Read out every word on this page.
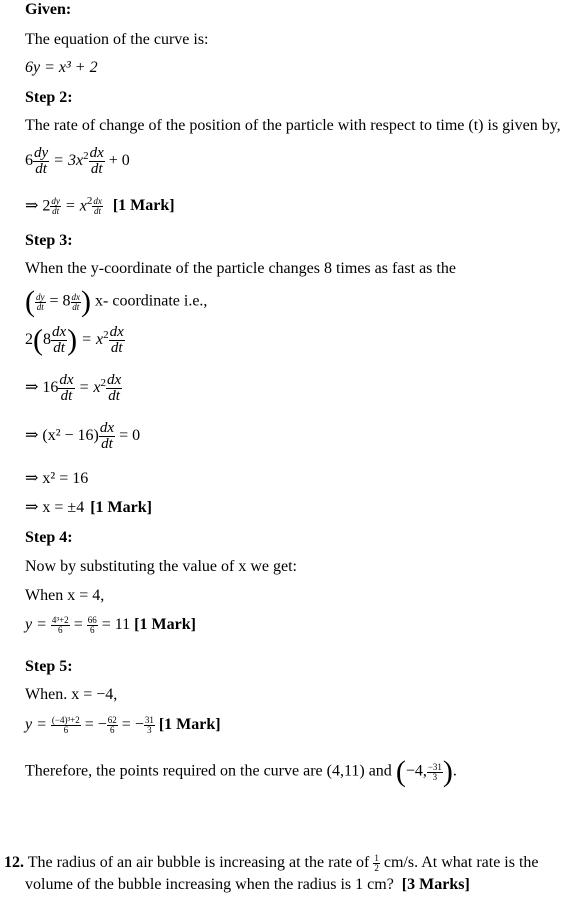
Given:
The equation of the curve is:
6y = x³ + 2
Step 2:
The rate of change of the position of the particle with respect to time (t) is given by,
$6 \frac{dy}{dt} = 3x^2 \frac{dx}{dt} + 0$
⇒ $2 \frac{dy}{dt} = x^2 \frac{dx}{dt} [1$ Mark]
Step 3:
When the y-coordinate of the particle changes 8 times as fast as the
( $\frac{dy}{dt} = 8 \frac{dx}{dt}$ ) x- coordinate i.e.,
$2(8 \frac{dx}{dt}$ ) = $x^2 \frac{dx}{dt}$
⇒ $16 \frac{dx}{dt} = x^2 \frac{dx}{dt}$
⇒ $(x^2 - 16) \frac{dx}{dt} = 0$
⇒ x² = 16
⇒ x = ±4 [1 Mark]
Step 4:
Now by substituting the value of x we get:
When x = 4,
$y = \frac{\text{4³+2}}{6} = \frac{66}{6} = 11$ [1 Mark]
Step 5:
When. x = −4,
$y = \frac{\text{(−4)³+2}}{6}$ = − $\frac{62}{6}$ = − $\frac{31}{3} [1$ Mark]
Therefore, the points required on the curve are (4,11) and (−4, $\frac{-31}{3}$ ).
12. The radius of an air bubble is increasing at the rate of $\frac{1}{2} cm/s$. At what rate is the
volume of the bubble increasing when the radius is 1 cm? [3 Marks]
